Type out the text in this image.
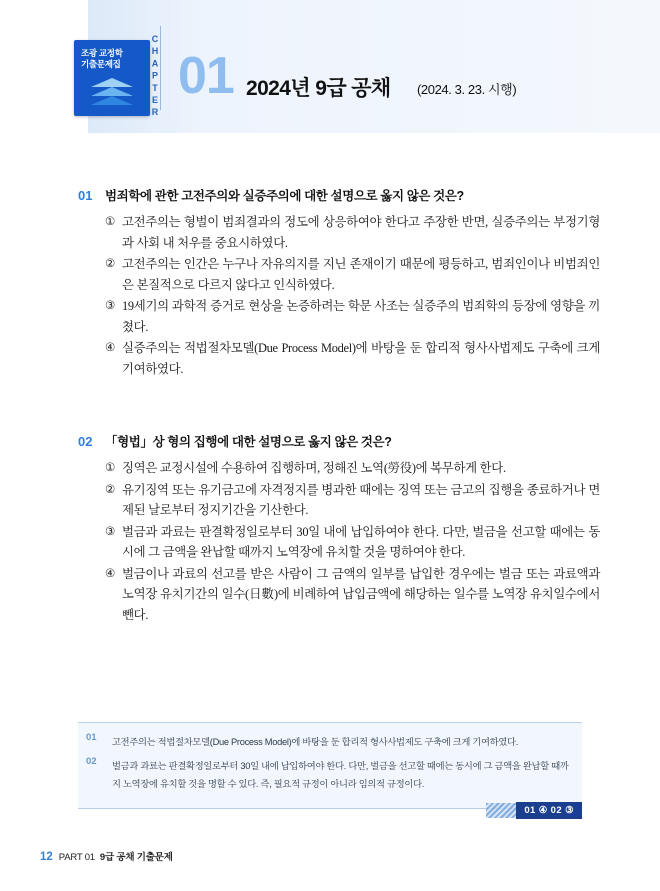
조광 교정학
기출문제집	CHAPTER 01 2024년 9급 공채 (2024. 3. 23. 시행)
01 범죄학에 관한 고전주의와 실증주의에 대한 설명으로 옳지 않은 것은?
① 고전주의는 형벌이 범죄결과의 정도에 상응하여야 한다고 주장한 반면, 실증주의는 부정기형과 사회 내 처우를 중요시하였다.
② 고전주의는 인간은 누구나 자유의지를 지닌 존재이기 때문에 평등하고, 범죄인이나 비범죄인은 본질적으로 다르지 않다고 인식하였다.
③ 19세기의 과학적 증거로 현상을 논증하려는 학문 사조는 실증주의 범죄학의 등장에 영향을 끼쳤다.
④ 실증주의는 적법절차모델(Due Process Model)에 바탕을 둔 합리적 형사사법제도 구축에 크게 기여하였다.
02 「형법」상 형의 집행에 대한 설명으로 옳지 않은 것은?
① 징역은 교정시설에 수용하여 집행하며, 정해진 노역(勞役)에 복무하게 한다.
② 유기징역 또는 유기금고에 자격정지를 병과한 때에는 징역 또는 금고의 집행을 종료하거나 면제된 날로부터 정지기간을 기산한다.
③ 벌금과 과료는 판결확정일로부터 30일 내에 납입하여야 한다. 다만, 벌금을 선고할 때에는 동시에 그 금액을 완납할 때까지 노역장에 유치할 것을 명하여야 한다.
④ 벌금이나 과료의 선고를 받은 사람이 그 금액의 일부를 납입한 경우에는 벌금 또는 과료액과 노역장 유치기간의 일수(日數)에 비례하여 납입금액에 해당하는 일수를 노역장 유치일수에서 뺀다.
01 고전주의는 적법절차모델(Due Process Model)에 바탕을 둔 합리적 형사사법제도 구축에 크게 기여하였다.
02 벌금과 과료는 판결확정일로부터 30일 내에 납입하여야 한다. 다만, 벌금을 선고할 때에는 동시에 그 금액을 완납할 때까지 노역장에 유치할 것을 명할 수 있다. 즉, 필요적 규정이 아니라 임의적 규정이다.
01 ④ 02 ③
12 PART 01 9급 공채 기출문제
